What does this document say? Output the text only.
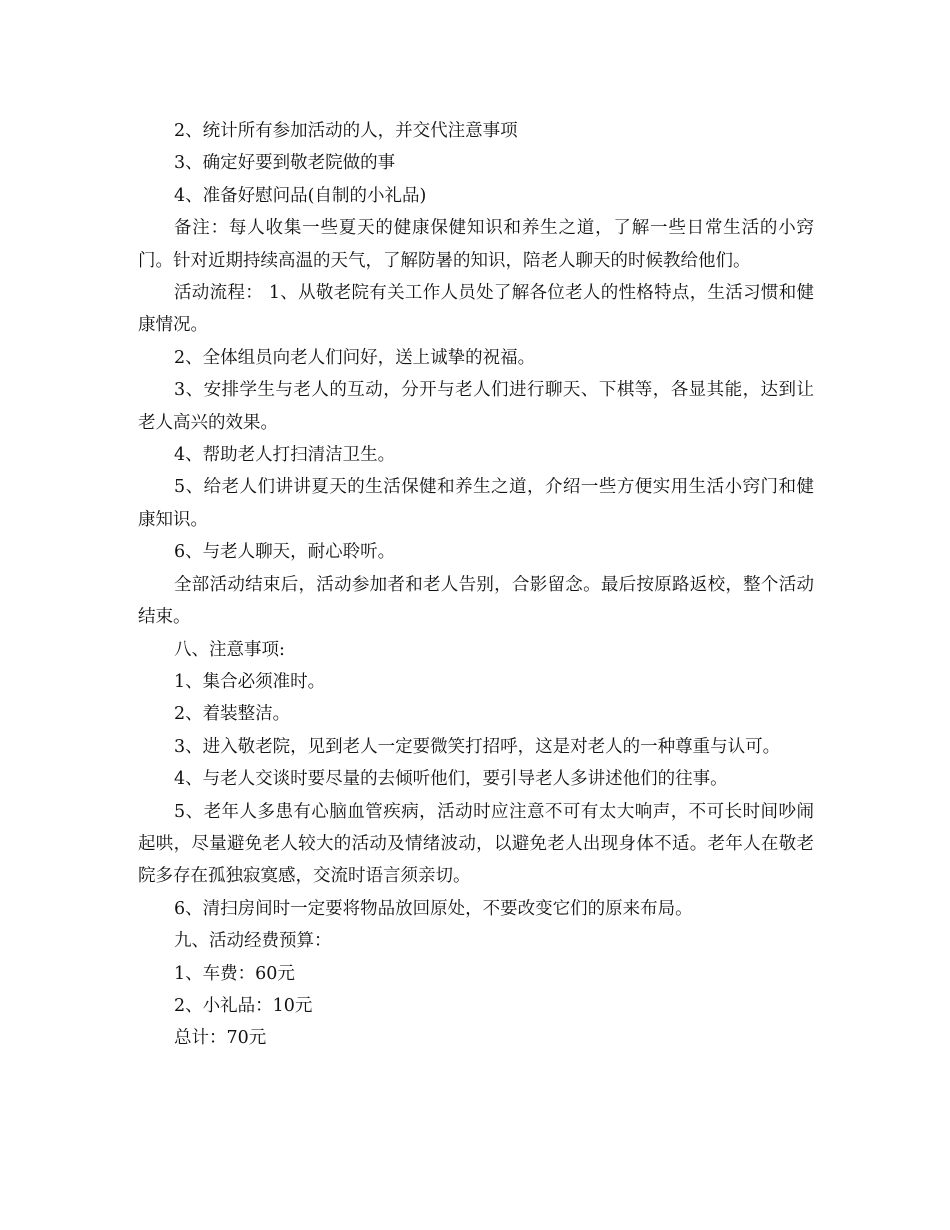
2、统计所有参加活动的人，并交代注意事项

3、确定好要到敬老院做的事

4、准备好慰问品(自制的小礼品)

备注：每人收集一些夏天的健康保健知识和养生之道，了解一些日常生活的小窍门。针对近期持续高温的天气，了解防暑的知识，陪老人聊天的时候教给他们。

活动流程： 1、从敬老院有关工作人员处了解各位老人的性格特点，生活习惯和健康情况。

2、全体组员向老人们问好，送上诚挚的祝福。

3、安排学生与老人的互动，分开与老人们进行聊天、下棋等，各显其能，达到让老人高兴的效果。

4、帮助老人打扫清洁卫生。

5、给老人们讲讲夏天的生活保健和养生之道，介绍一些方便实用生活小窍门和健康知识。

6、与老人聊天，耐心聆听。

全部活动结束后，活动参加者和老人告别，合影留念。最后按原路返校，整个活动结束。

八、注意事项:

1、集合必须准时。

2、着装整洁。

3、进入敬老院，见到老人一定要微笑打招呼，这是对老人的一种尊重与认可。

4、与老人交谈时要尽量的去倾听他们，要引导老人多讲述他们的往事。

5、老年人多患有心脑血管疾病，活动时应注意不可有太大响声，不可长时间吵闹起哄，尽量避免老人较大的活动及情绪波动，以避免老人出现身体不适。老年人在敬老院多存在孤独寂寞感，交流时语言须亲切。

6、清扫房间时一定要将物品放回原处，不要改变它们的原来布局。

九、活动经费预算：

1、车费：60元

2、小礼品：10元

总计：70元
